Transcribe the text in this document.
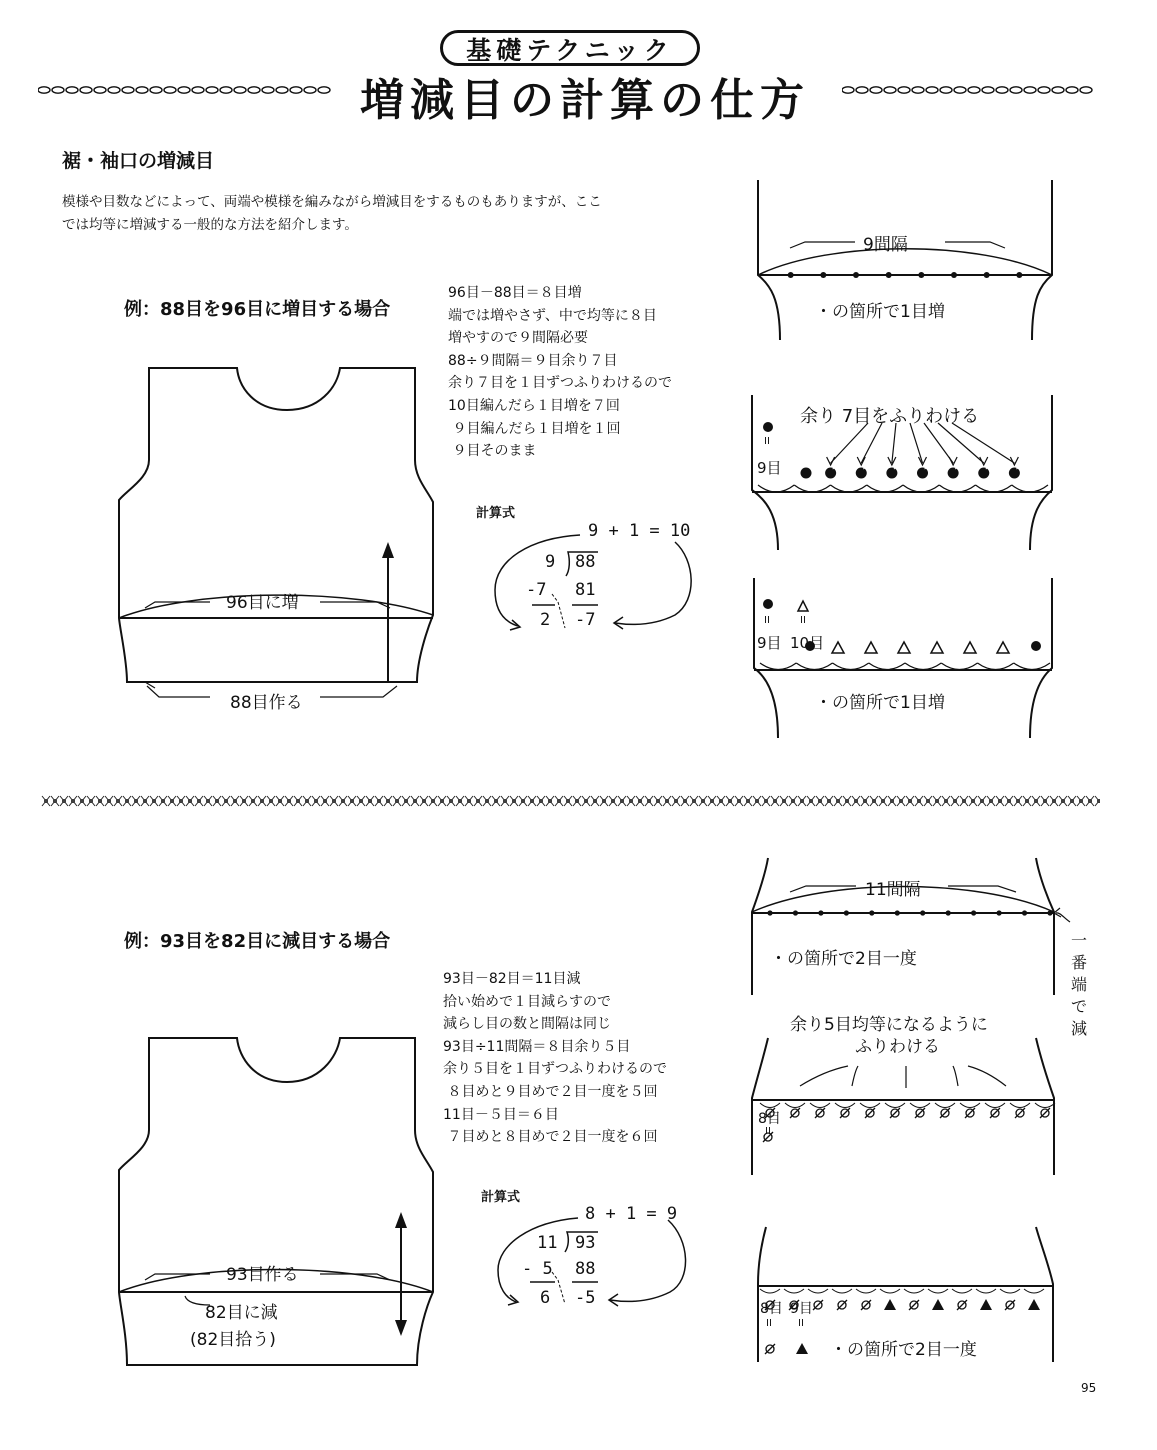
基礎テクニック
増減目の計算の仕方
裾・袖口の増減目
模様や目数などによって、両端や模様を編みながら増減目をするものもありますが、ここ
では均等に増減する一般的な方法を紹介します。
例：88目を96目に増目する場合
96目－88目＝８目増
端では増やさず、中で均等に８目
増やすので９間隔必要
88÷９間隔＝９目余り７目
余り７目を１目ずつふりわけるので
10目編んだら１目増を７回
９目編んだら１目増を１回
９目そのまま
計算式
96目に増
88目作る
9 + 1 = 10
9 88
-7 81
2 -7
9間隔
・の箇所で1目増
余り 7目をふりわける
II
9目
II	II
9目 10目
・の箇所で1目増
例：93目を82目に減目する場合
93目－82目＝11目減
拾い始めで１目減らすので
減らし目の数と間隔は同じ
93目÷11間隔＝８目余り５目
余り５目を１目ずつふりわけるので
８目めと９目めで２目一度を５回
11目－５目＝６目
７目めと８目めで２目一度を６回
計算式
93目作る
82目に減
(82目拾う)
8 + 1 = 9
11 93
- 5 88
6 -5
11間隔
・の箇所で2目一度
一
番
端
で
減
余り5目均等になるように
ふりわける
8目
II
8目 9目
II	II
・の箇所で2目一度
95
